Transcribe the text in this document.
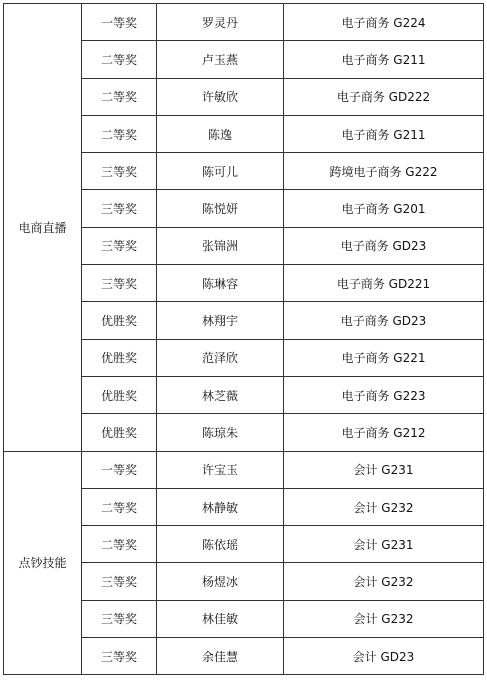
电商直播	一等奖	罗灵丹	电子商务 G224
	二等奖	卢玉燕	电子商务 G211
	二等奖	许敏欣	电子商务 GD222
	二等奖	陈逸	电子商务 G211
	三等奖	陈可儿	跨境电子商务 G222
	三等奖	陈悦妍	电子商务 G201
	三等奖	张锦洲	电子商务 GD23
	三等奖	陈琳容	电子商务 GD221
	优胜奖	林翔宇	电子商务 GD23
	优胜奖	范泽欣	电子商务 G221
	优胜奖	林芝薇	电子商务 G223
	优胜奖	陈琼朱	电子商务 G212
点钞技能	一等奖	许宝玉	会计 G231
	二等奖	林静敏	会计 G232
	二等奖	陈依瑶	会计 G231
	三等奖	杨煜冰	会计 G232
	三等奖	林佳敏	会计 G232
	三等奖	余佳慧	会计 GD23
